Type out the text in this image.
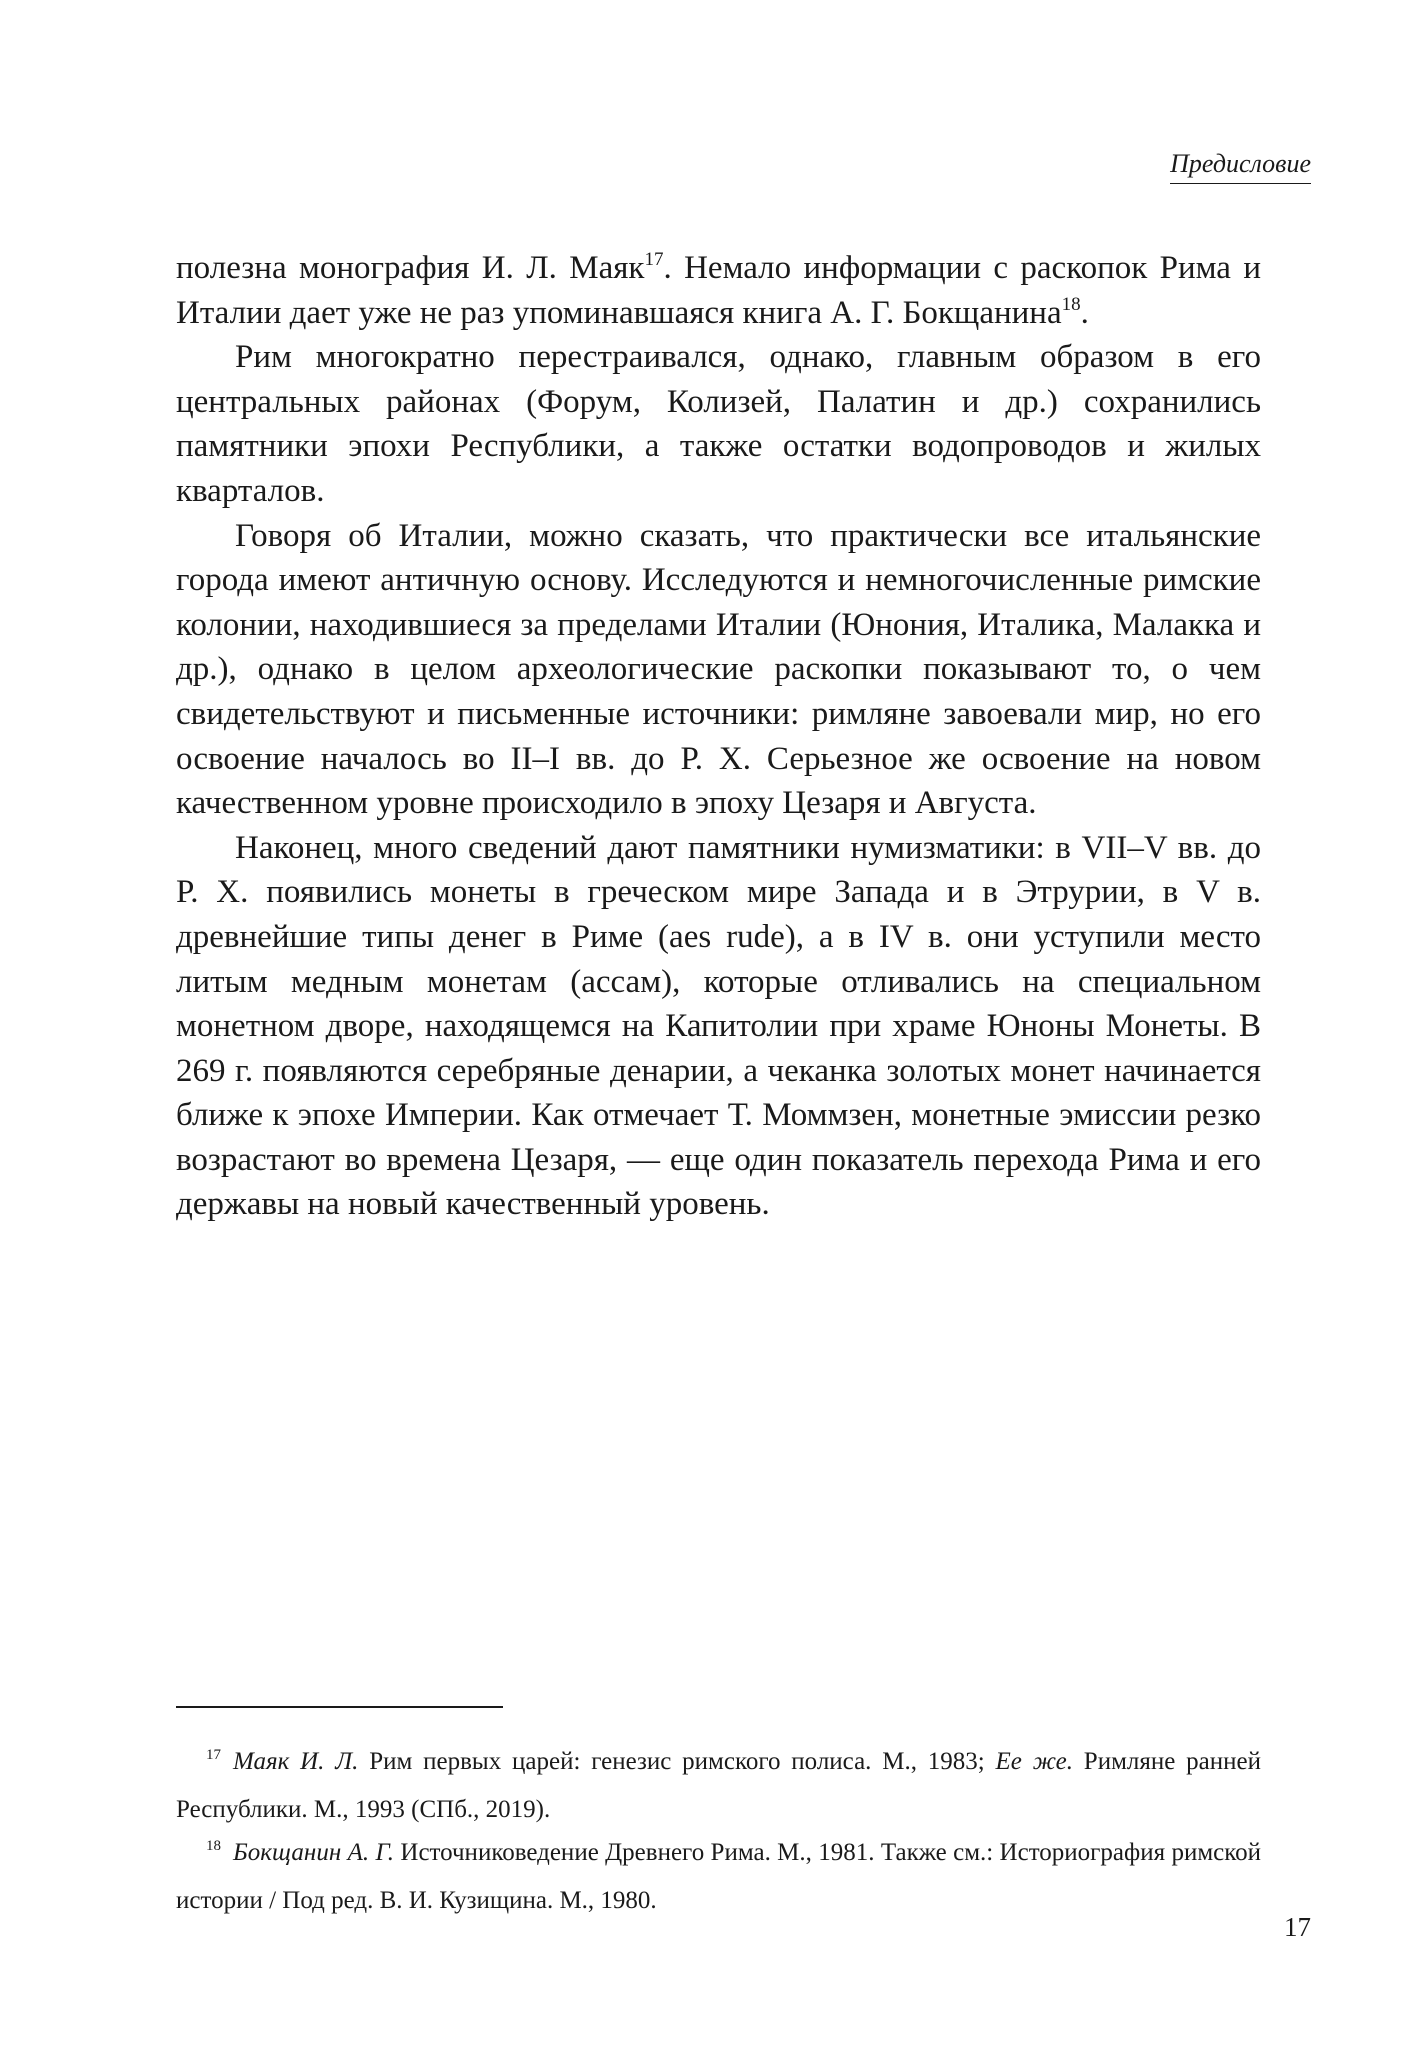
Предисловие

полезна монография И. Л. Маяк$^{17}$. Немало информации с раскопок Рима и Италии дает уже не раз упоминавшаяся книга А. Г. Бокщанина$^{18}$.

Рим многократно перестраивался, однако, главным образом в его центральных районах (Форум, Колизей, Палатин и др.) сохранились памятники эпохи Республики, а также остатки водопроводов и жилых кварталов.

Говоря об Италии, можно сказать, что практически все итальянские города имеют античную основу. Исследуются и немногочисленные римские колонии, находившиеся за пределами Италии (Юнония, Италика, Малакка и др.), однако в целом археологические раскопки показывают то, о чем свидетельствуют и письменные источники: римляне завоевали мир, но его освоение началось во II–I вв. до Р. Х. Серьезное же освоение на новом качественном уровне происходило в эпоху Цезаря и Августа.

Наконец, много сведений дают памятники нумизматики: в VII–V вв. до Р. Х. появились монеты в греческом мире Запада и в Этрурии, в V в. древнейшие типы денег в Риме (aes rude), а в IV в. они уступили место литым медным монетам (ассам), которые отливались на специальном монетном дворе, находящемся на Капитолии при храме Юноны Монеты. В 269 г. появляются серебряные денарии, а чеканка золотых монет начинается ближе к эпохе Империи. Как отмечает Т. Моммзен, монетные эмиссии резко возрастают во времена Цезаря, — еще один показатель перехода Рима и его державы на новый качественный уровень.

$^{17}$ Маяк И. Л. Рим первых царей: генезис римского полиса. М., 1983; Ее же. Римляне ранней Республики. М., 1993 (СПб., 2019).

$^{18}$ Бокщанин А. Г. Источниковедение Древнего Рима. М., 1981. Также см.: Историография римской истории / Под ред. В. И. Кузищина. М., 1980.

17
